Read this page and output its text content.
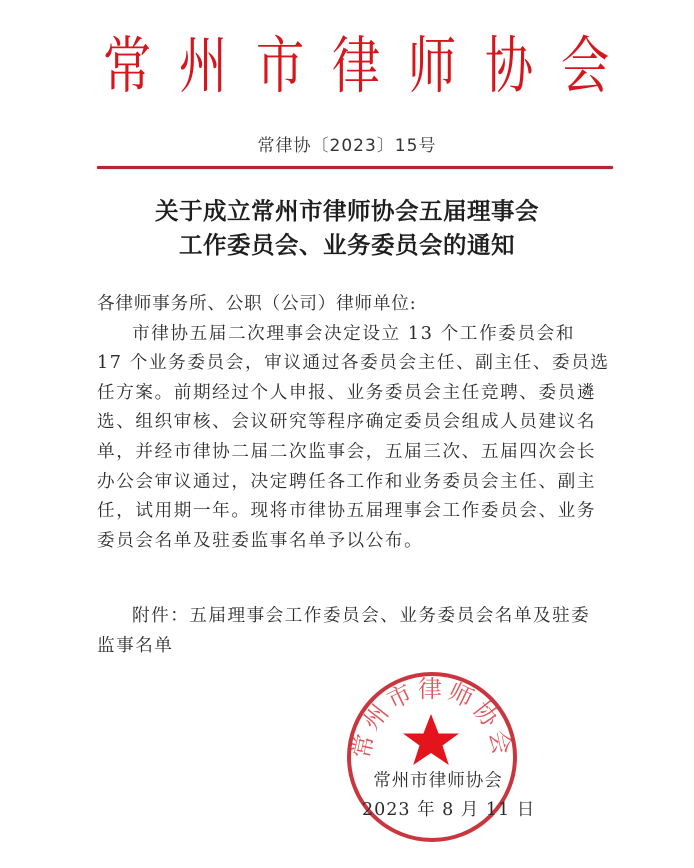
常 州 市 律 师 协 会
常律协〔2023〕15号
关于成立常州市律师协会五届理事会
工作委员会、业务委员会的通知
各律师事务所、公职（公司）律师单位:
市律协五届二次理事会决定设立 13 个工作委员会和
17 个业务委员会，审议通过各委员会主任、副主任、委员选
任方案。前期经过个人申报、业务委员会主任竞聘、委员遴
选、组织审核、会议研究等程序确定委员会组成人员建议名
单，并经市律协二届二次监事会，五届三次、五届四次会长
办公会审议通过，决定聘任各工作和业务委员会主任、副主
任，试用期一年。现将市律协五届理事会工作委员会、业务
委员会名单及驻委监事名单予以公布。
附件：五届理事会工作委员会、业务委员会名单及驻委
监事名单
常州市律师协会
常州市律师协会
2023 年 8 月 11 日
